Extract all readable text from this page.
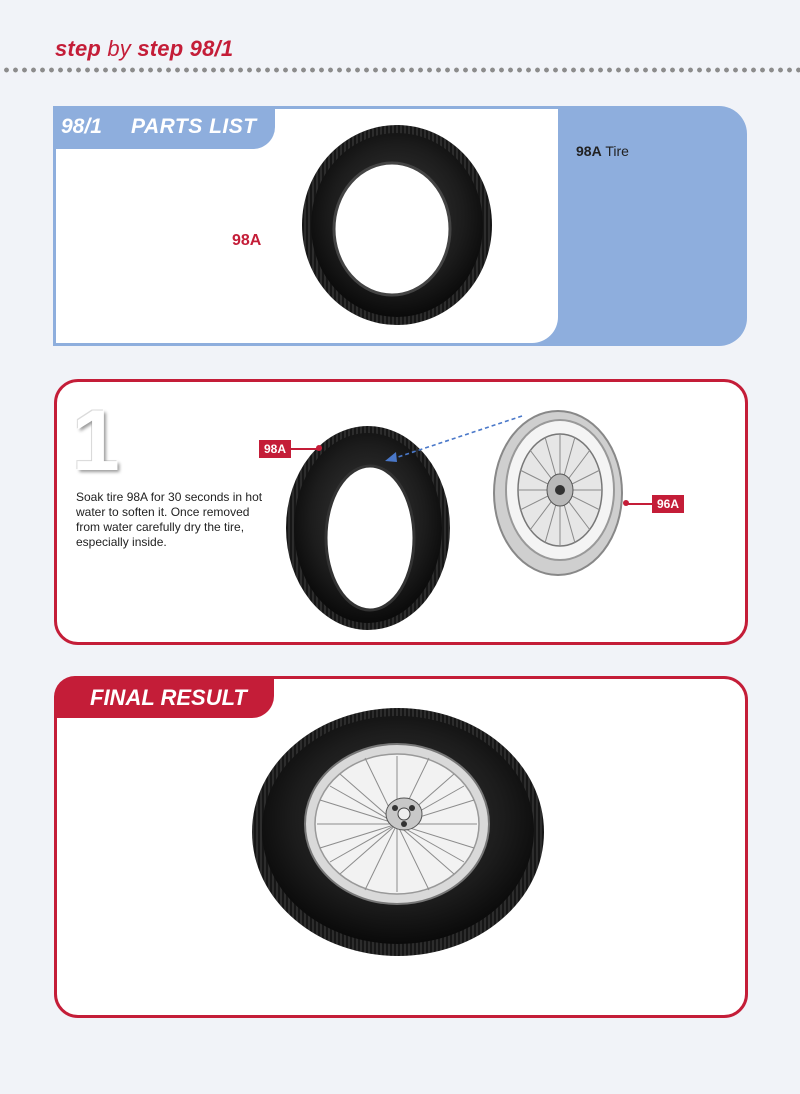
step by step 98/1
98/1 PARTS LIST
98A Tire
98A
1
Soak tire 98A for 30 seconds in hot water to soften it. Once removed from water carefully dry the tire, especially inside.
98A
96A
FINAL RESULT
